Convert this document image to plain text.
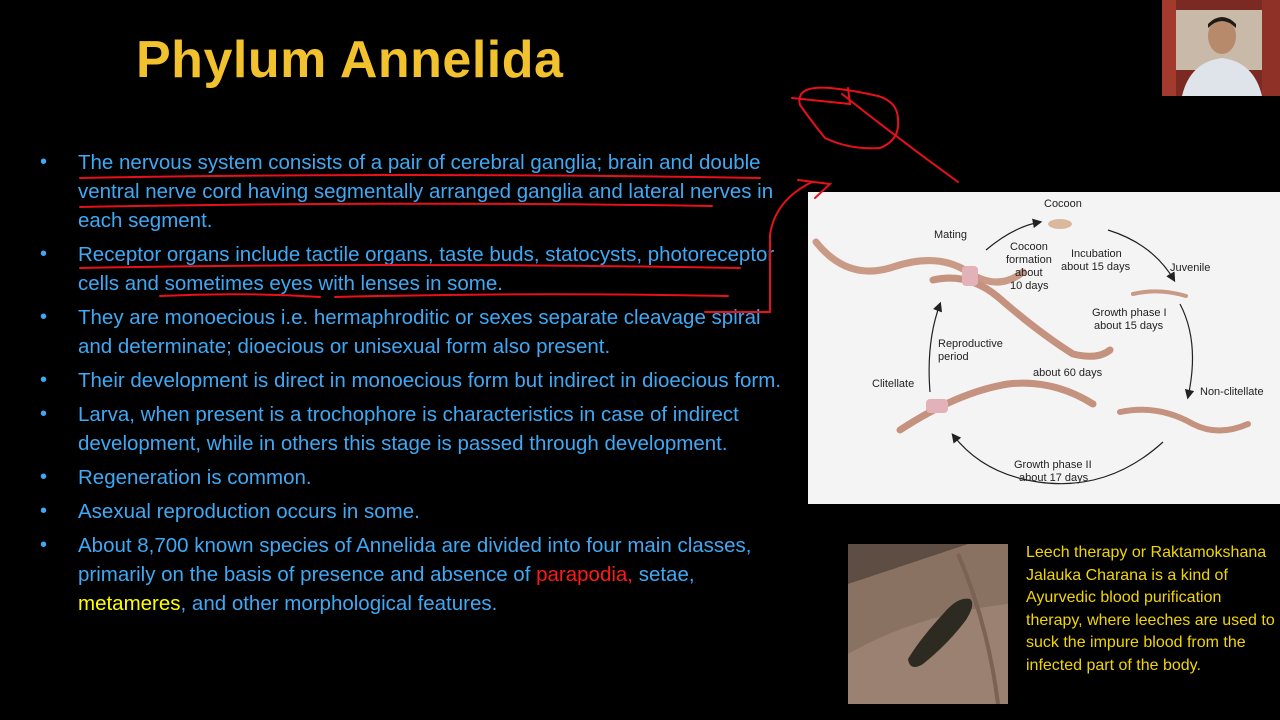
Phylum Annelida
• The nervous system consists of a pair of cerebral ganglia; brain and double ventral nerve cord having segmentally arranged ganglia and lateral nerves in each segment.
• Receptor organs include tactile organs, taste buds, statocysts, photoreceptor cells and sometimes eyes with lenses in some.
• They are monoecious i.e. hermaphroditic or sexes separate cleavage spiral and determinate; dioecious or unisexual form also present.
• Their development is direct in monoecious form but indirect in dioecious form.
• Larva, when present is a trochophore is characteristics in case of indirect development, while in others this stage is passed through development.
• Regeneration is common.
• Asexual reproduction occurs in some.
• About 8,700 known species of Annelida are divided into four main classes, primarily on the basis of presence and absence of parapodia, setae, metameres, and other morphological features.
Cocoon
Mating
Cocoon
formation
about
10 days
Incubation
about 15 days	Juvenile
Growth phase I
about 15 days
Reproductive
period
Clitellate
about 60 days
Non-clitellate
Growth phase II
about 17 days
Leech therapy or Raktamokshana Jalauka Charana is a kind of Ayurvedic blood purification therapy, where leeches are used to suck the impure blood from the infected part of the body.
